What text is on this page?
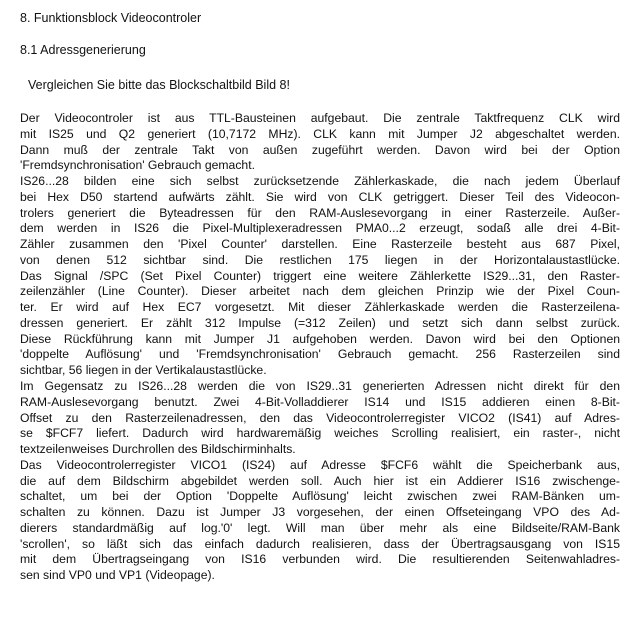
8. Funktionsblock Videocontroler
8.1 Adressgenerierung

Vergleichen Sie bitte das Blockschaltbild Bild 8!

Der Videocontroler ist aus TTL-Bausteinen aufgebaut. Die zentrale Taktfrequenz CLK wird
mit IS25 und Q2 generiert (10,7172 MHz). CLK kann mit Jumper J2 abgeschaltet werden.
Dann muß der zentrale Takt von außen zugeführt werden. Davon wird bei der Option
'Fremdsynchronisation' Gebrauch gemacht.
IS26...28 bilden eine sich selbst zurücksetzende Zählerkaskade, die nach jedem Überlauf
bei Hex D50 startend aufwärts zählt. Sie wird von CLK getriggert. Dieser Teil des Videocon-
trolers generiert die Byteadressen für den RAM-Auslesevorgang in einer Rasterzeile. Außer-
dem werden in IS26 die Pixel-Multiplexeradressen PMA0...2 erzeugt, sodaß alle drei 4-Bit-
Zähler zusammen den 'Pixel Counter' darstellen. Eine Rasterzeile besteht aus 687 Pixel,
von denen 512 sichtbar sind. Die restlichen 175 liegen in der Horizontalaustastlücke.
Das Signal /SPC (Set Pixel Counter) triggert eine weitere Zählerkette IS29...31, den Raster-
zeilenzähler (Line Counter). Dieser arbeitet nach dem gleichen Prinzip wie der Pixel Coun-
ter. Er wird auf Hex EC7 vorgesetzt. Mit dieser Zählerkaskade werden die Rasterzeilena-
dressen generiert. Er zählt 312 Impulse (=312 Zeilen) und setzt sich dann selbst zurück.
Diese Rückführung kann mit Jumper J1 aufgehoben werden. Davon wird bei den Optionen
'doppelte Auflösung' und 'Fremdsynchronisation' Gebrauch gemacht. 256 Rasterzeilen sind
sichtbar, 56 liegen in der Vertikalaustastlücke.
Im Gegensatz zu IS26...28 werden die von IS29..31 generierten Adressen nicht direkt für den
RAM-Auslesevorgang benutzt. Zwei 4-Bit-Volladdierer IS14 und IS15 addieren einen 8-Bit-
Offset zu den Rasterzeilenadressen, den das Videocontrolerregister VICO2 (IS41) auf Adres-
se $FCF7 liefert. Dadurch wird hardwaremäßig weiches Scrolling realisiert, ein raster-, nicht
textzeilenweises Durchrollen des Bildschirminhalts.
Das Videocontrolerregister VICO1 (IS24) auf Adresse $FCF6 wählt die Speicherbank aus,
die auf dem Bildschirm abgebildet werden soll. Auch hier ist ein Addierer IS16 zwischenge-
schaltet, um bei der Option 'Doppelte Auflösung' leicht zwischen zwei RAM-Bänken um-
schalten zu können. Dazu ist Jumper J3 vorgesehen, der einen Offseteingang VPO des Ad-
dierers standardmäßig auf log.'0' legt. Will man über mehr als eine Bildseite/RAM-Bank
'scrollen', so läßt sich das einfach dadurch realisieren, dass der Übertragsausgang von IS15
mit dem Übertragseingang von IS16 verbunden wird. Die resultierenden Seitenwahladres-
sen sind VP0 und VP1 (Videopage).
